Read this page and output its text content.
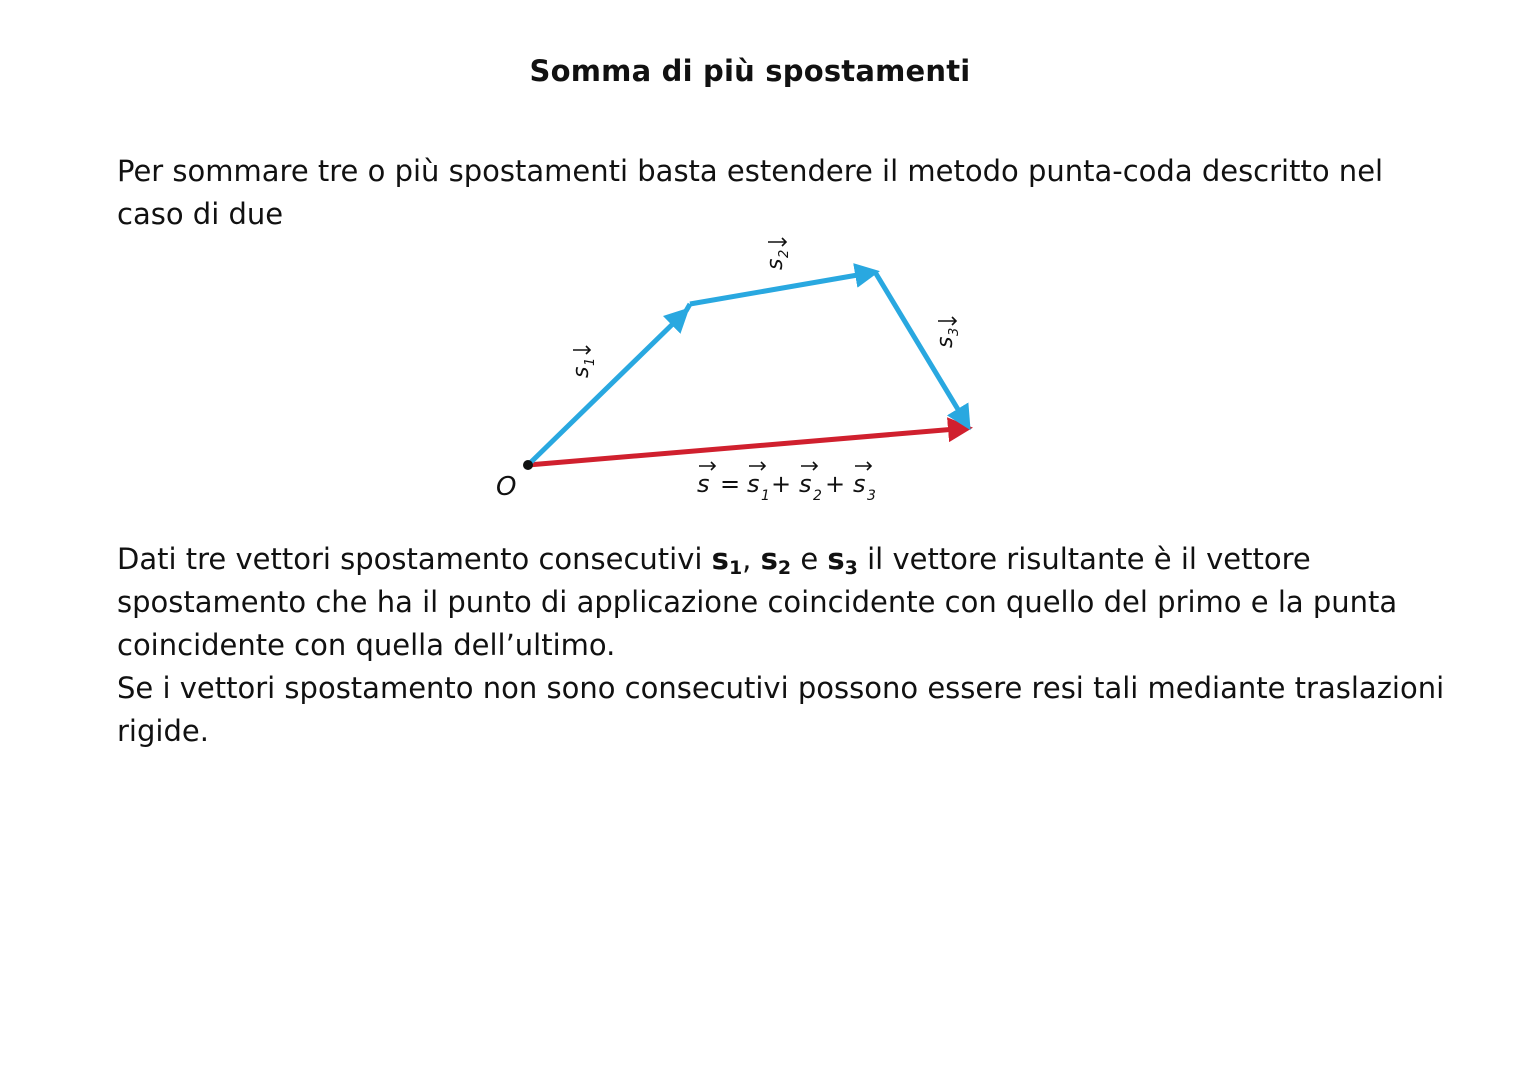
Somma di più spostamenti

Per sommare tre o più spostamenti basta estendere il metodo punta-coda descritto nel
caso di due

O
s
1
s
2
s
3
s = s 1 + s 2 + s 3

Dati tre vettori spostamento consecutivi $s_1$, $s_2$ e $s_3$ il vettore risultante è il vettore
spostamento che ha il punto di applicazione coincidente con quello del primo e la punta
coincidente con quella dell’ultimo.
Se i vettori spostamento non sono consecutivi possono essere resi tali mediante traslazioni
rigide.
